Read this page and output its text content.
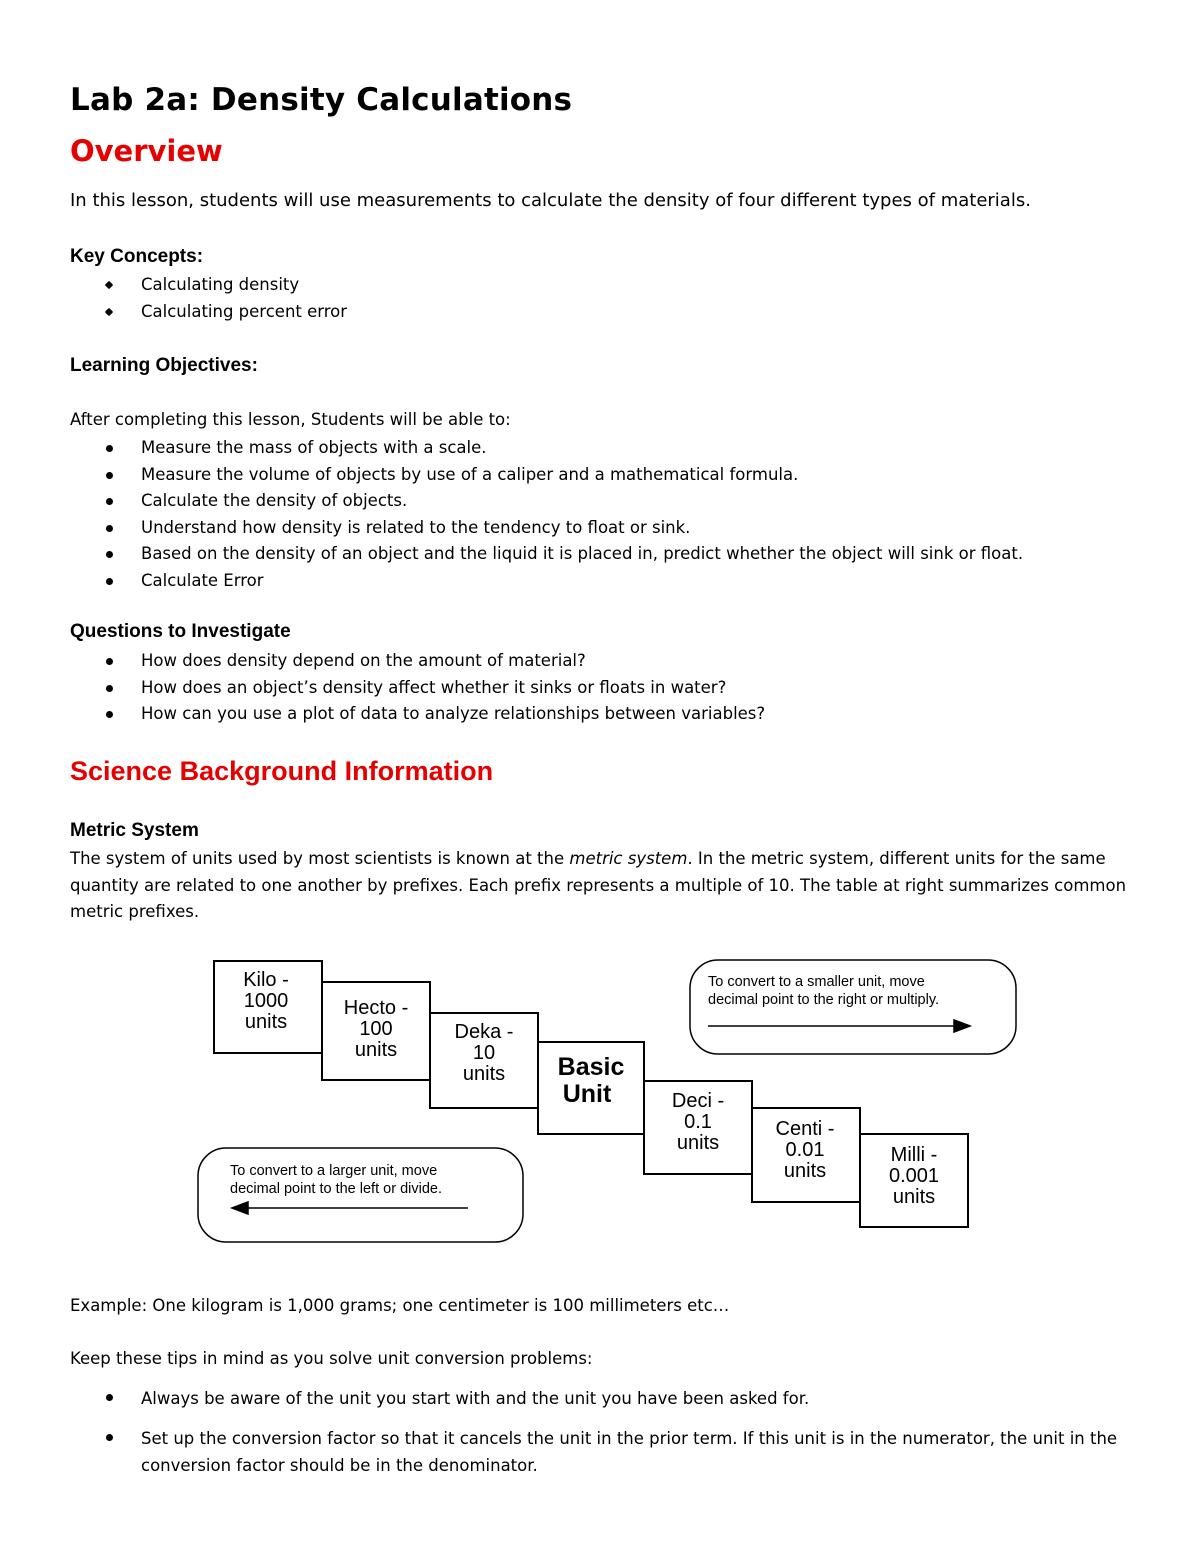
Lab 2a: Density Calculations
Overview
In this lesson, students will use measurements to calculate the density of four different types of materials.
Key Concepts:
Calculating density
Calculating percent error
Learning Objectives:
After completing this lesson, Students will be able to:
Measure the mass of objects with a scale.
Measure the volume of objects by use of a caliper and a mathematical formula.
Calculate the density of objects.
Understand how density is related to the tendency to float or sink.
Based on the density of an object and the liquid it is placed in, predict whether the object will sink or float.
Calculate Error
Questions to Investigate
How does density depend on the amount of material?
How does an object’s density affect whether it sinks or floats in water?
How can you use a plot of data to analyze relationships between variables?
Science Background Information
Metric System
The system of units used by most scientists is known at the metric system. In the metric system, different units for the same quantity are related to one another by prefixes. Each prefix represents a multiple of 10. The table at right summarizes common metric prefixes.
Kilo -
1000
units
Hecto -
100
units
Deka -
10
units Basic
Unit	Deci -
0.1
units
Centi -
0.01
units
Milli -
0.001
units
To convert to a smaller unit, move
decimal point to the right or multiply.
To convert to a larger unit, move
decimal point to the left or divide.
Example: One kilogram is 1,000 grams; one centimeter is 100 millimeters etc…
Keep these tips in mind as you solve unit conversion problems:
Always be aware of the unit you start with and the unit you have been asked for.
Set up the conversion factor so that it cancels the unit in the prior term. If this unit is in the numerator, the unit in the conversion factor should be in the denominator.
